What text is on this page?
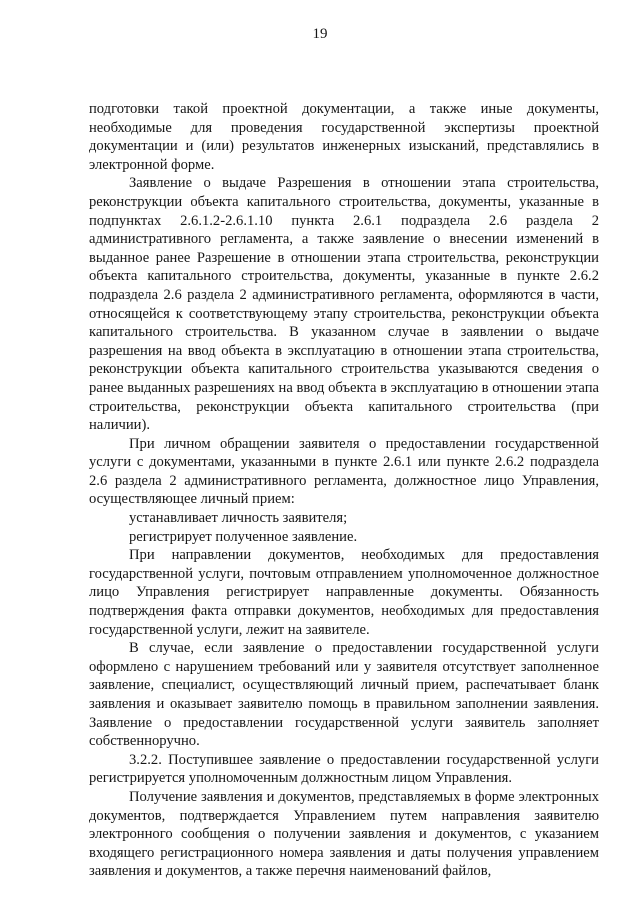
19

подготовки такой проектной документации, а также иные документы, необходимые для проведения государственной экспертизы проектной документации и (или) результатов инженерных изысканий, представлялись в электронной форме.

Заявление о выдаче Разрешения в отношении этапа строительства, реконструкции объекта капитального строительства, документы, указанные в подпунктах 2.6.1.2-2.6.1.10 пункта 2.6.1 подраздела 2.6 раздела 2 административного регламента, а также заявление о внесении изменений в выданное ранее Разрешение в отношении этапа строительства, реконструкции объекта капитального строительства, документы, указанные в пункте 2.6.2 подраздела 2.6 раздела 2 административного регламента, оформляются в части, относящейся к соответствующему этапу строительства, реконструкции объекта капитального строительства. В указанном случае в заявлении о выдаче разрешения на ввод объекта в эксплуатацию в отношении этапа строительства, реконструкции объекта капитального строительства указываются сведения о ранее выданных разрешениях на ввод объекта в эксплуатацию в отношении этапа строительства, реконструкции объекта капитального строительства (при наличии).

При личном обращении заявителя о предоставлении государственной услуги с документами, указанными в пункте 2.6.1 или пункте 2.6.2 подраздела 2.6 раздела 2 административного регламента, должностное лицо Управления, осуществляющее личный прием:

устанавливает личность заявителя;

регистрирует полученное заявление.

При направлении документов, необходимых для предоставления государственной услуги, почтовым отправлением уполномоченное должностное лицо Управления регистрирует направленные документы. Обязанность подтверждения факта отправки документов, необходимых для предоставления государственной услуги, лежит на заявителе.

В случае, если заявление о предоставлении государственной услуги оформлено с нарушением требований или у заявителя отсутствует заполненное заявление, специалист, осуществляющий личный прием, распечатывает бланк заявления и оказывает заявителю помощь в правильном заполнении заявления. Заявление о предоставлении государственной услуги заявитель заполняет собственноручно.

3.2.2. Поступившее заявление о предоставлении государственной услуги регистрируется уполномоченным должностным лицом Управления.

Получение заявления и документов, представляемых в форме электронных документов, подтверждается Управлением путем направления заявителю электронного сообщения о получении заявления и документов, с указанием входящего регистрационного номера заявления и даты получения управлением заявления и документов, а также перечня наименований файлов,
